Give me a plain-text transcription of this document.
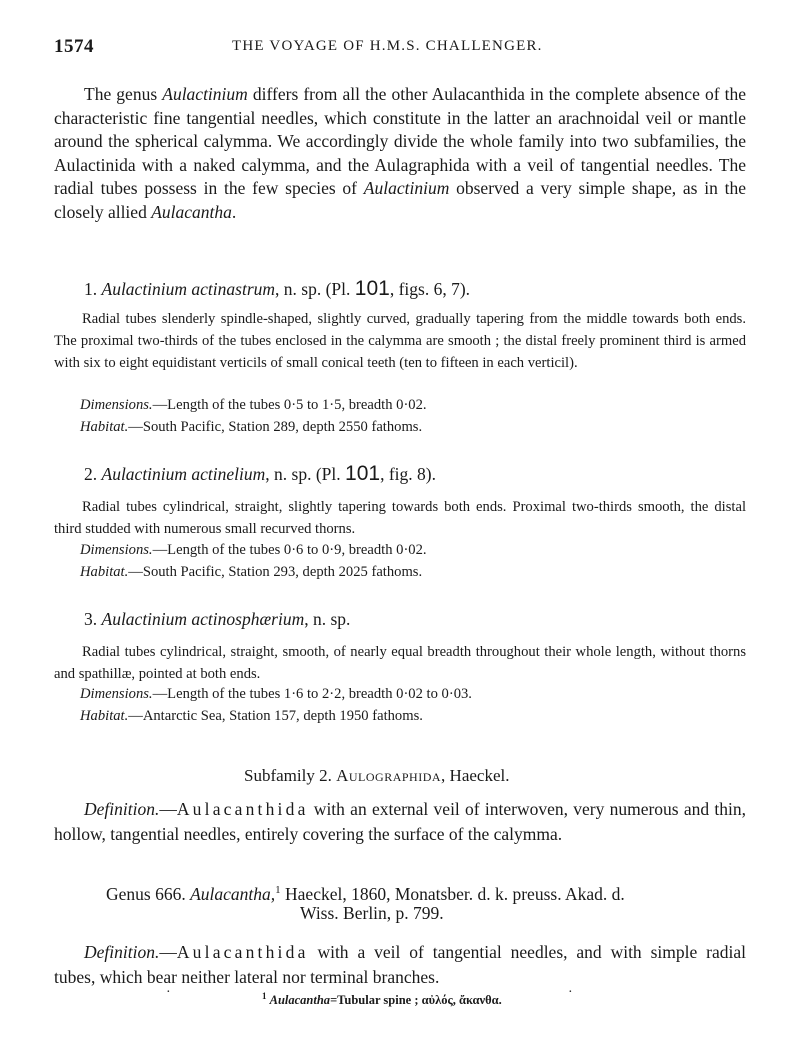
1574	THE VOYAGE OF H.M.S. CHALLENGER.
The genus Aulactinium differs from all the other Aulacanthida in the complete absence of the characteristic fine tangential needles, which constitute in the latter an arachnoidal veil or mantle around the spherical calymma. We accordingly divide the whole family into two subfamilies, the Aulactinida with a naked calymma, and the Aulagraphida with a veil of tangential needles. The radial tubes possess in the few species of Aulactinium observed a very simple shape, as in the closely allied Aulacantha.
1. Aulactinium actinastrum, n. sp. (Pl. 101, figs. 6, 7).
Radial tubes slenderly spindle-shaped, slightly curved, gradually tapering from the middle towards both ends. The proximal two-thirds of the tubes enclosed in the calymma are smooth ; the distal freely prominent third is armed with six to eight equidistant verticils of small conical teeth (ten to fifteen in each verticil).
Dimensions.—Length of the tubes 0·5 to 1·5, breadth 0·02.
Habitat.—South Pacific, Station 289, depth 2550 fathoms.
2. Aulactinium actinelium, n. sp. (Pl. 101, fig. 8).
Radial tubes cylindrical, straight, slightly tapering towards both ends. Proximal two-thirds smooth, the distal third studded with numerous small recurved thorns.
Dimensions.—Length of the tubes 0·6 to 0·9, breadth 0·02.
Habitat.—South Pacific, Station 293, depth 2025 fathoms.
3. Aulactinium actinosphærium, n. sp.
Radial tubes cylindrical, straight, smooth, of nearly equal breadth throughout their whole length, without thorns and spathillæ, pointed at both ends.
Dimensions.—Length of the tubes 1·6 to 2·2, breadth 0·02 to 0·03.
Habitat.—Antarctic Sea, Station 157, depth 1950 fathoms.
Subfamily 2. Aulographida, Haeckel.
Definition.—Aulacanthida with an external veil of interwoven, very numerous and thin, hollow, tangential needles, entirely covering the surface of the calymma.
Genus 666. Aulacantha,$^1$ Haeckel, 1860, Monatsber. d. k. preuss. Akad. d.
Wiss. Berlin, p. 799.
Definition.—Aulacanthida with a veil of tangential needles, and with simple radial tubes, which bear neither lateral nor terminal branches.
$^1$ Aulacantha=Tubular spine ; αὐλός, ἄκανθα.
·	·
